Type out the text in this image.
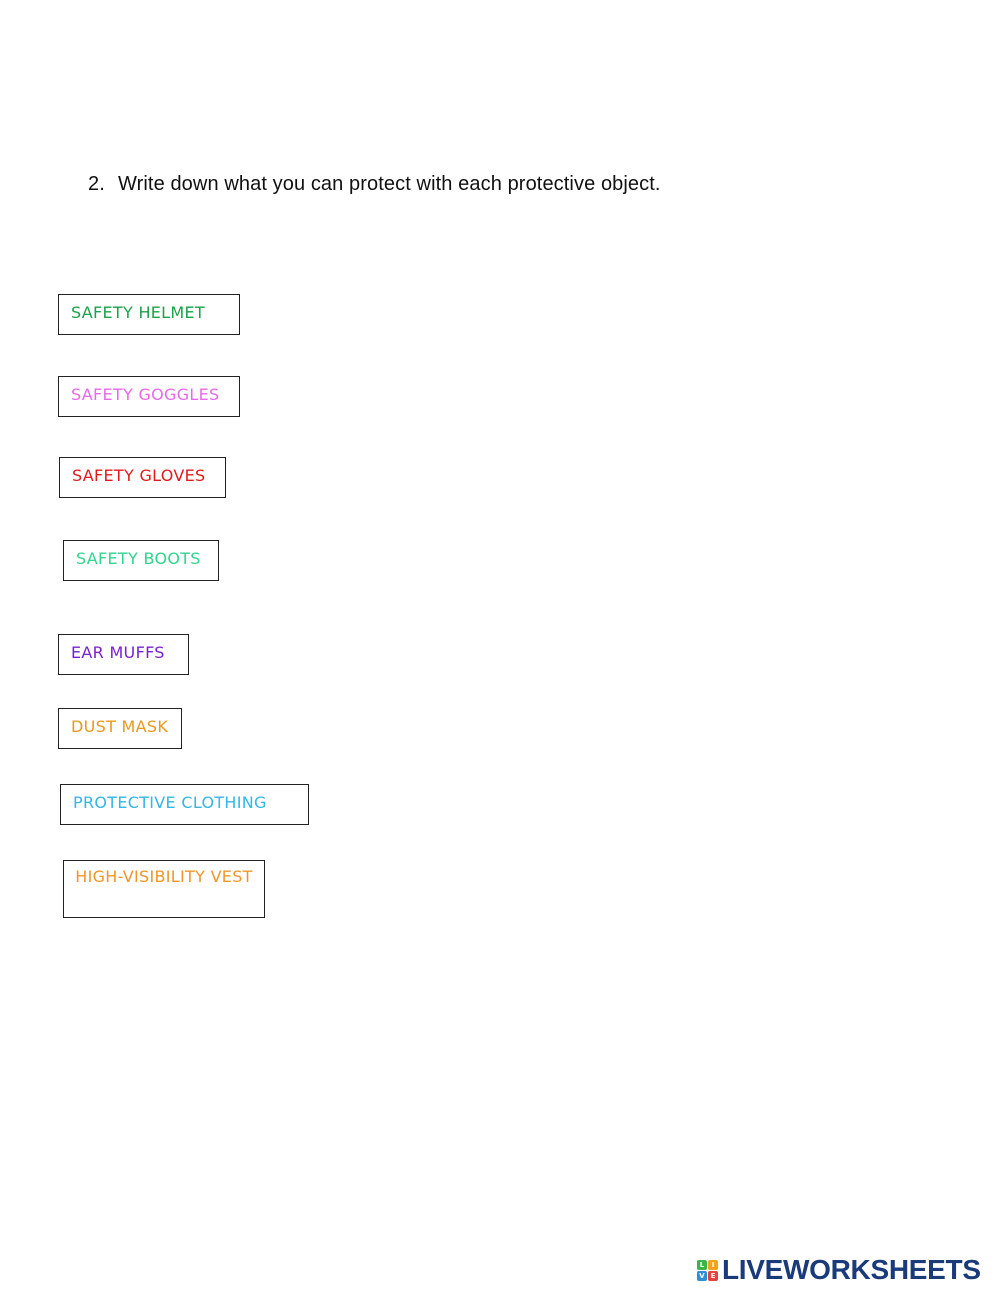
2. Write down what you can protect with each protective object.
SAFETY HELMET
SAFETY GOGGLES
SAFETY GLOVES
SAFETY BOOTS
EAR MUFFS
DUST MASK
PROTECTIVE CLOTHING
HIGH-VISIBILITY VEST
L	I
V E LIVEWORKSHEETS
